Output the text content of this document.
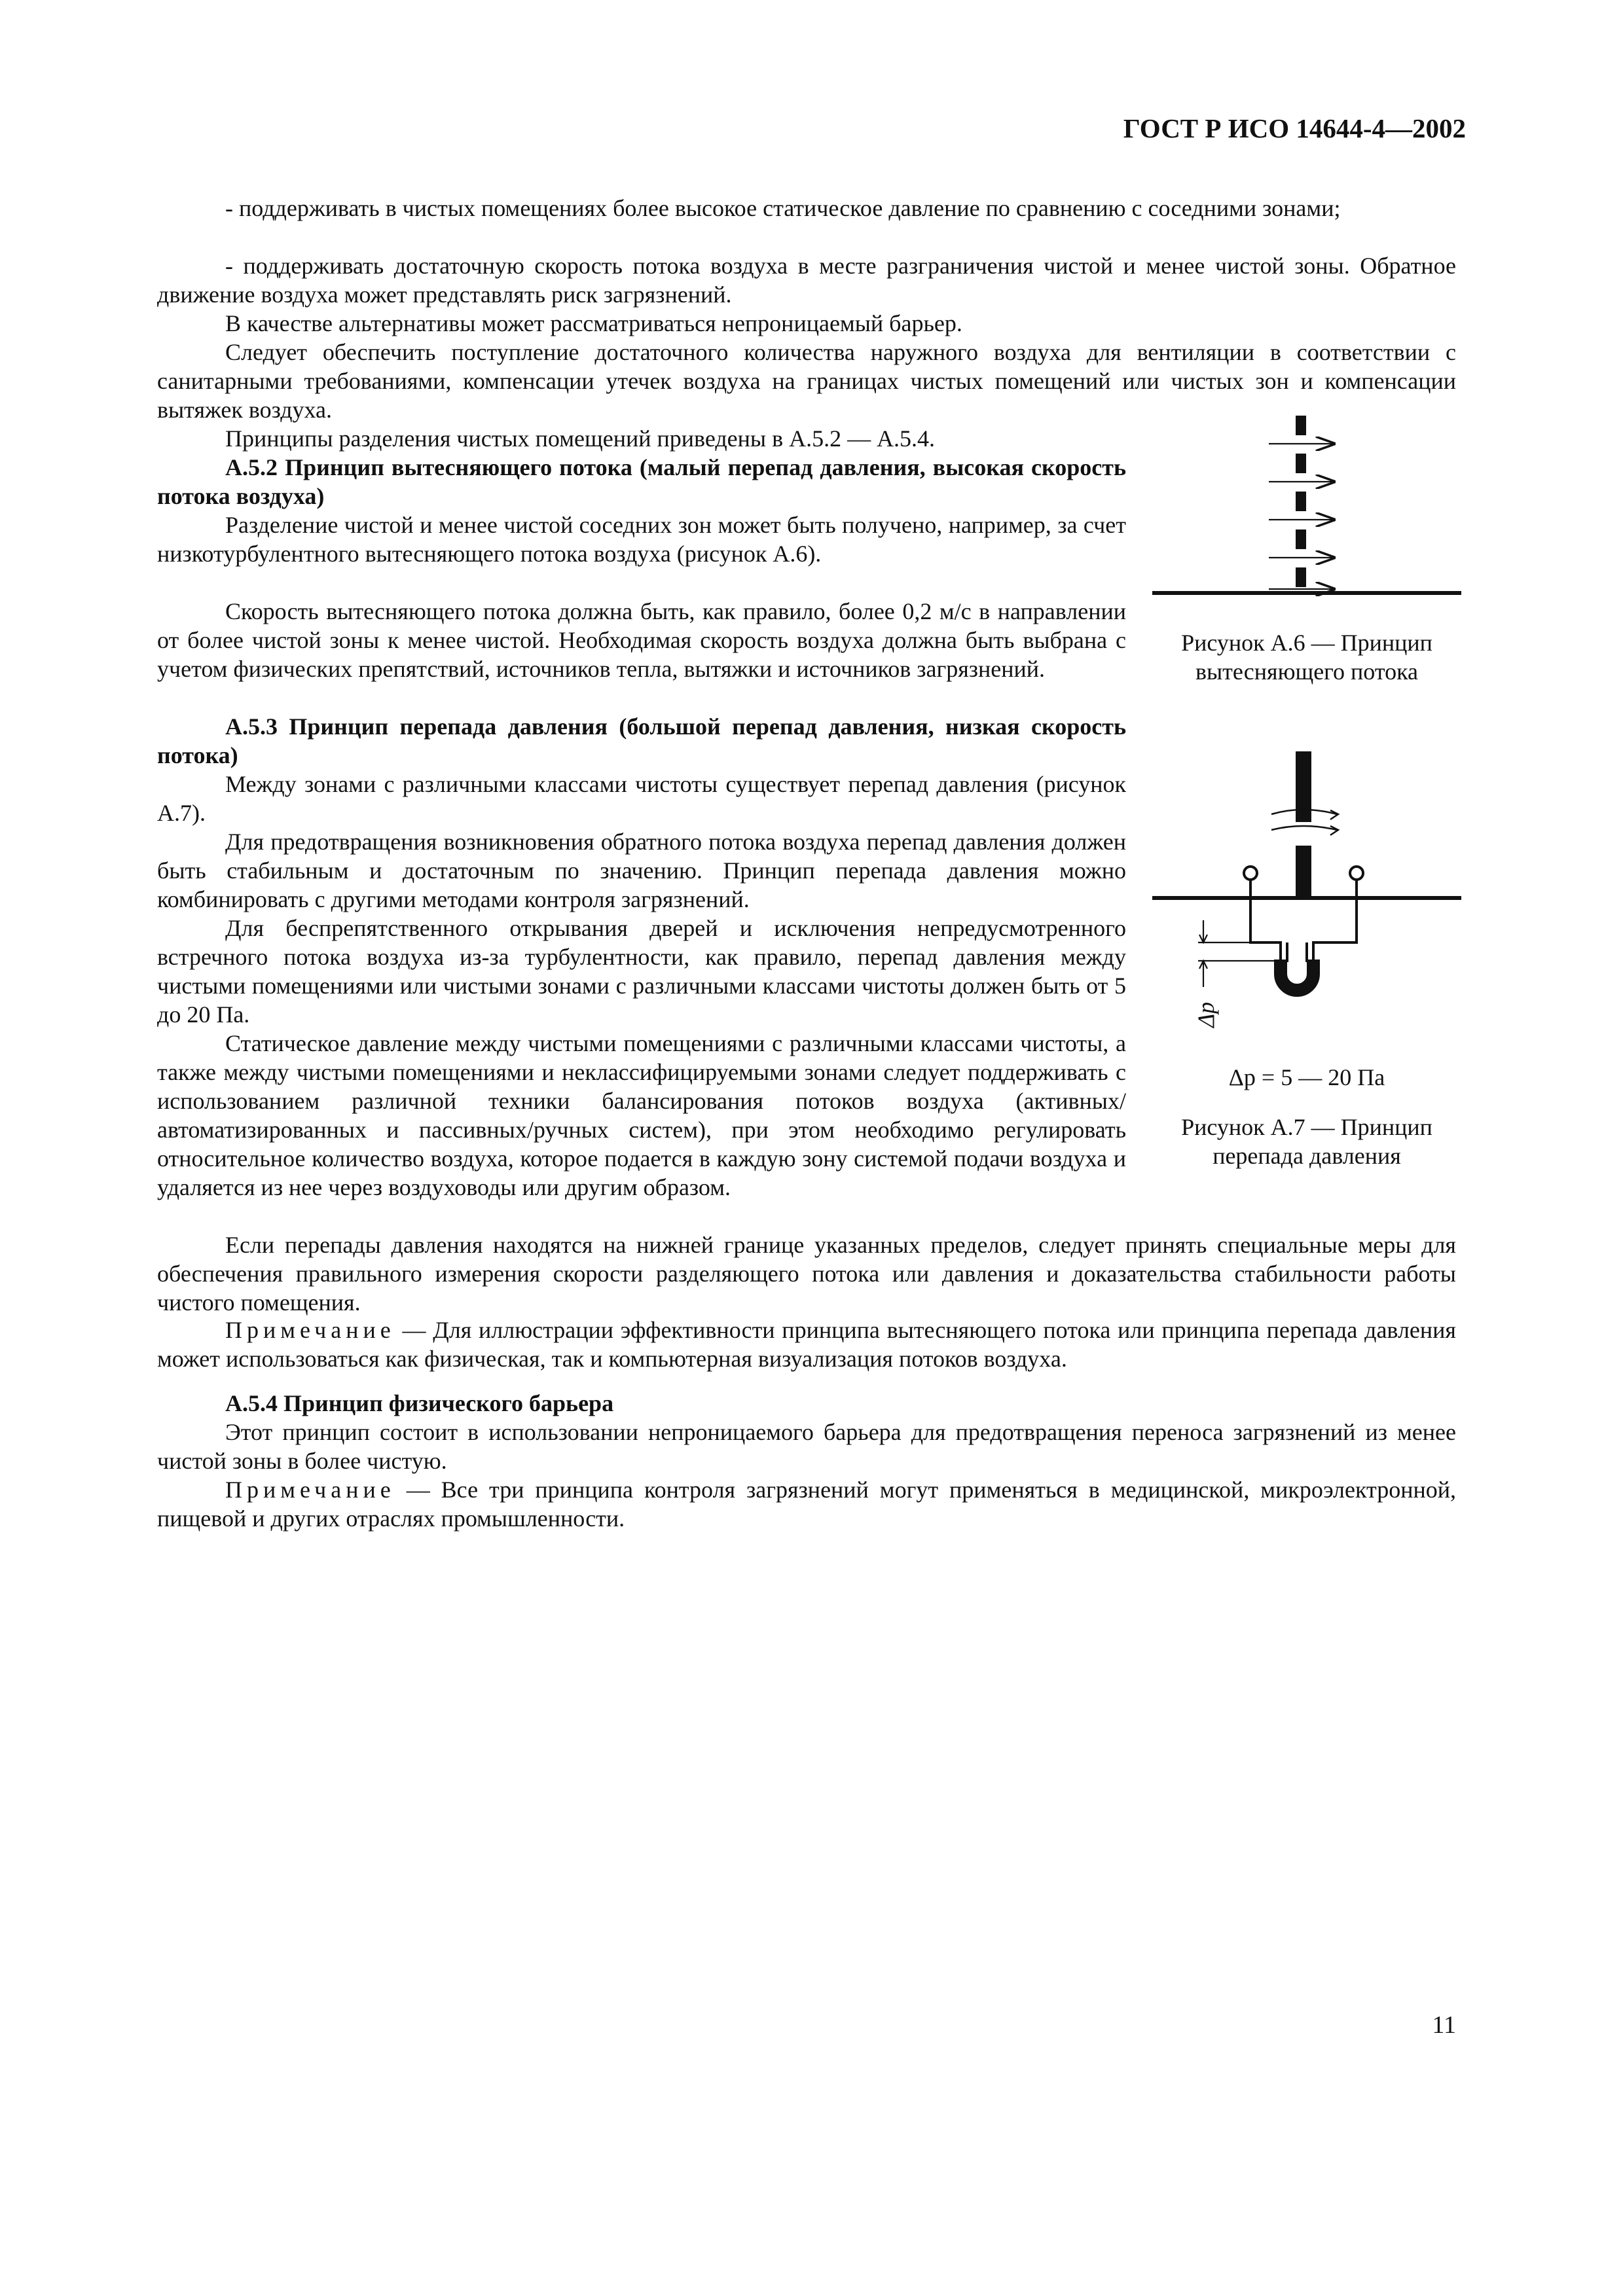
ГОСТ Р ИСО 14644-4—2002

- поддерживать в чистых помещениях более высокое статическое давление по сравнению с соседними зонами;

- поддерживать достаточную скорость потока воздуха в месте разграничения чистой и менее чистой зоны. Обратное движение воздуха может представлять риск загрязнений.

В качестве альтернативы может рассматриваться непроницаемый барьер.

Следует обеспечить поступление достаточного количества наружного воздуха для вентиляции в соответствии с санитарными требованиями, компенсации утечек воздуха на границах чистых помещений или чистых зон и компенсации вытяжек воздуха.

Принципы разделения чистых помещений приведены в А.5.2 — А.5.4.

А.5.2 Принцип вытесняющего потока (малый перепад давления, высокая скорость потока воздуха)

Разделение чистой и менее чистой соседних зон может быть получено, например, за счет низкотурбулентного вытесняющего потока воздуха (рисунок А.6).

Скорость вытесняющего потока должна быть, как правило, более 0,2 м/с в направлении от более чистой зоны к менее чистой. Необходимая скорость воздуха должна быть выбрана с учетом физических препятствий, источников тепла, вытяжки и источников загрязнений.

А.5.3 Принцип перепада давления (большой перепад давления, низкая скорость потока)

Между зонами с различными классами чистоты существует перепад давления (рисунок А.7).

Для предотвращения возникновения обратного потока воздуха перепад давления должен быть стабильным и достаточным по значению. Принцип перепада давления можно комбинировать с другими методами контроля загрязнений.

Для беспрепятственного открывания дверей и исключения непредусмотренного встречного потока воздуха из-за турбулентности, как правило, перепад давления между чистыми помещениями или чистыми зонами с различными классами чистоты должен быть от 5 до 20 Па.

Статическое давление между чистыми помещениями с различными классами чистоты, а также между чистыми помещениями и неклассифицируемыми зонами следует поддерживать с использованием различной техники балансирования потоков воздуха (активных/автоматизированных и пассивных/ручных систем), при этом необходимо регулировать относительное количество воздуха, которое подается в каждую зону системой подачи воздуха и удаляется из нее через воздуховоды или другим образом.

Если перепады давления находятся на нижней границе указанных пределов, следует принять специальные меры для обеспечения правильного измерения скорости разделяющего потока или давления и доказательства стабильности работы чистого помещения.

Примечание — Для иллюстрации эффективности принципа вытесняющего потока или принципа перепада давления может использоваться как физическая, так и компьютерная визуализация потоков воздуха.

А.5.4 Принцип физического барьера

Этот принцип состоит в использовании непроницаемого барьера для предотвращения переноса загрязнений из менее чистой зоны в более чистую.

Примечание — Все три принципа контроля загрязнений могут применяться в медицинской, микроэлектронной, пищевой и других отраслях промышленности.

Рисунок А.6 — Принцип вытесняющего потока
Δp
Δp = 5 — 20 Па
Рисунок А.7 — Принцип перепада давления
11
